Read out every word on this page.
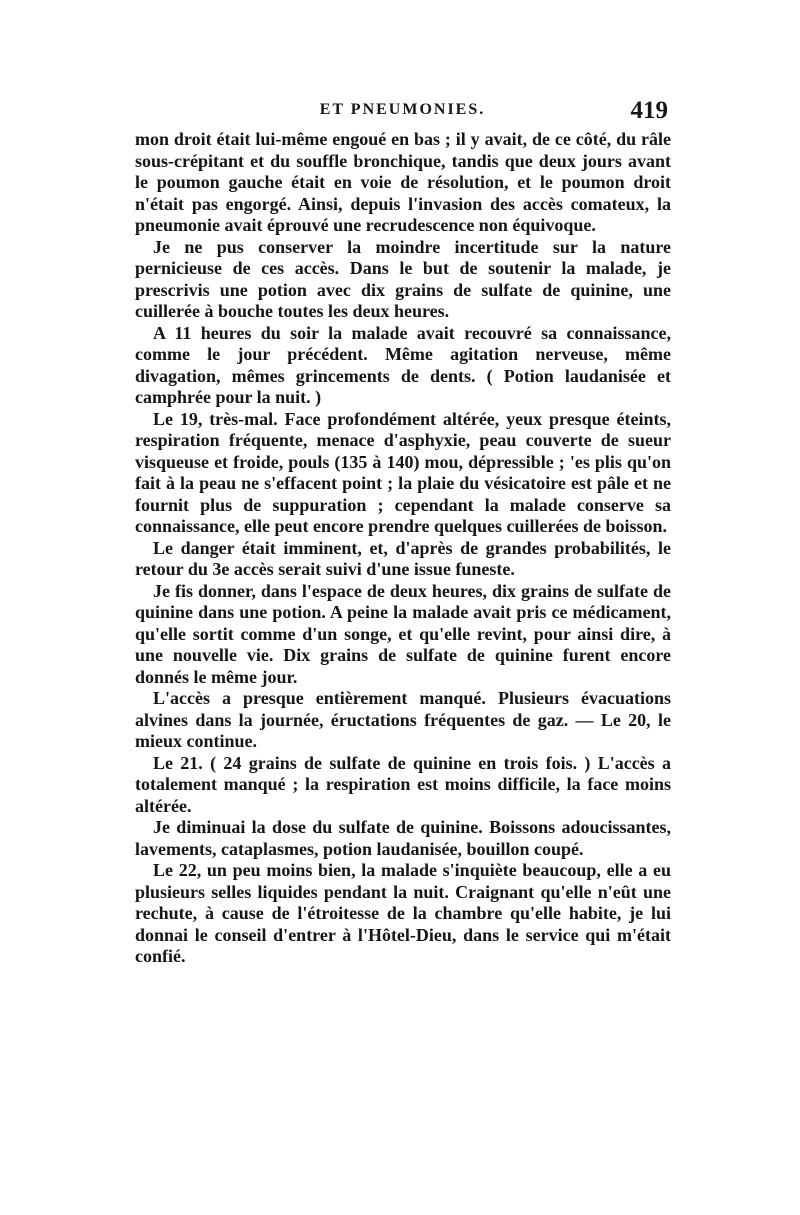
ET PNEUMONIES.	419

mon droit était lui-même engoué en bas ; il y avait, de ce côté, du râle sous-crépitant et du souffle bronchique, tandis que deux jours avant le poumon gauche était en voie de résolution, et le poumon droit n'était pas engorgé. Ainsi, depuis l'invasion des accès comateux, la pneumonie avait éprouvé une recrudescence non équivoque.

Je ne pus conserver la moindre incertitude sur la nature pernicieuse de ces accès. Dans le but de soutenir la malade, je prescrivis une potion avec dix grains de sulfate de quinine, une cuillerée à bouche toutes les deux heures.

A 11 heures du soir la malade avait recouvré sa connaissance, comme le jour précédent. Même agitation nerveuse, même divagation, mêmes grincements de dents. ( Potion laudanisée et camphrée pour la nuit. )

Le 19, très-mal. Face profondément altérée, yeux presque éteints, respiration fréquente, menace d'asphyxie, peau couverte de sueur visqueuse et froide, pouls (135 à 140) mou, dépressible ; 'es plis qu'on fait à la peau ne s'effacent point ; la plaie du vésicatoire est pâle et ne fournit plus de suppuration ; cependant la malade conserve sa connaissance, elle peut encore prendre quelques cuillerées de boisson.

Le danger était imminent, et, d'après de grandes probabilités, le retour du 3e accès serait suivi d'une issue funeste.

Je fis donner, dans l'espace de deux heures, dix grains de sulfate de quinine dans une potion. A peine la malade avait pris ce médicament, qu'elle sortit comme d'un songe, et qu'elle revint, pour ainsi dire, à une nouvelle vie. Dix grains de sulfate de quinine furent encore donnés le même jour.

L'accès a presque entièrement manqué. Plusieurs évacuations alvines dans la journée, éructations fréquentes de gaz. — Le 20, le mieux continue.

Le 21. ( 24 grains de sulfate de quinine en trois fois. ) L'accès a totalement manqué ; la respiration est moins difficile, la face moins altérée.

Je diminuai la dose du sulfate de quinine. Boissons adoucissantes, lavements, cataplasmes, potion laudanisée, bouillon coupé.

Le 22, un peu moins bien, la malade s'inquiète beaucoup, elle a eu plusieurs selles liquides pendant la nuit. Craignant qu'elle n'eût une rechute, à cause de l'étroitesse de la chambre qu'elle habite, je lui donnai le conseil d'entrer à l'Hôtel-Dieu, dans le service qui m'était confié.
